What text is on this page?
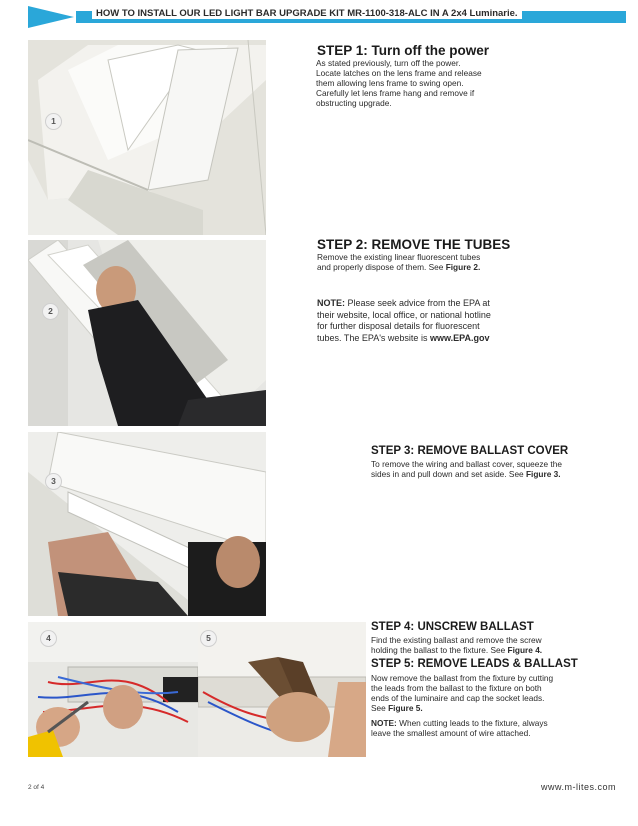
HOW TO INSTALL OUR LED LIGHT BAR UPGRADE KIT MR-1100-318-ALC IN A 2x4 Luminarie.
1
STEP 1: Turn off the power
As stated previously, turn off the power.
Locate latches on the lens frame and release
them allowing lens frame to swing open.
Carefully let lens frame hang and remove if
obstructing upgrade.
2
STEP 2: REMOVE THE TUBES
Remove the existing linear fluorescent tubes
and properly dispose of them. See Figure 2.
NOTE: Please seek advice from the EPA at
their website, local office, or national hotline
for further disposal details for fluorescent
tubes. The EPA's website is www.EPA.gov
3
STEP 3: REMOVE BALLAST COVER
To remove the wiring and ballast cover, squeeze the
sides in and pull down and set aside. See Figure 3.
4	5
STEP 4: UNSCREW BALLAST
Find the existing ballast and remove the screw
holding the ballast to the fixture. See Figure 4.
STEP 5: REMOVE LEADS & BALLAST
Now remove the ballast from the fixture by cutting
the leads from the ballast to the fixture on both
ends of the luminaire and cap the socket leads.
See Figure 5.
NOTE: When cutting leads to the fixture, always
leave the smallest amount of wire attached.
2 of 4	www.m-lites.com
